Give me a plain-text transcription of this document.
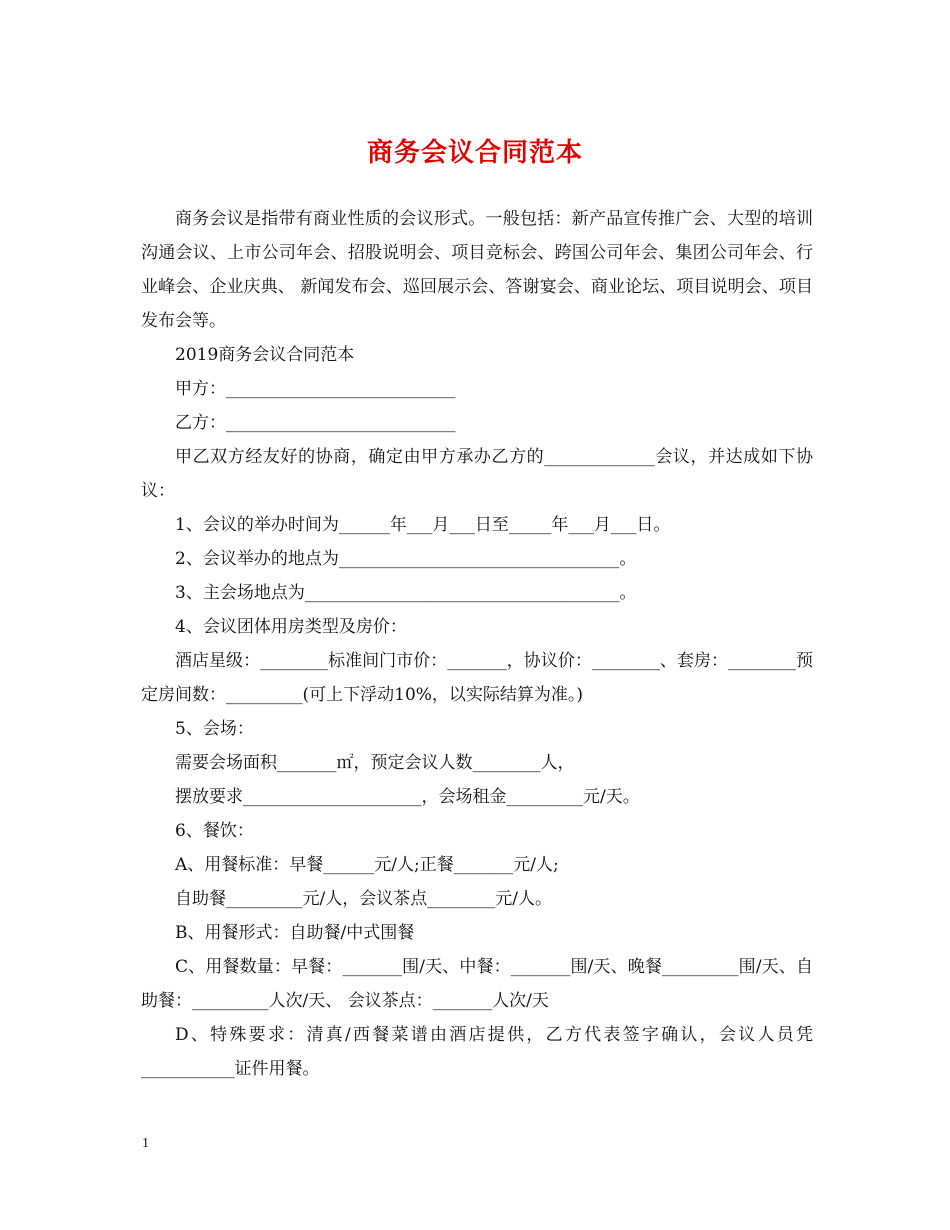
商务会议合同范本

商务会议是指带有商业性质的会议形式。一般包括：新产品宣传推广会、大型的培训沟通会议、上市公司年会、招股说明会、项目竞标会、跨国公司年会、集团公司年会、行业峰会、企业庆典、 新闻发布会、巡回展示会、答谢宴会、商业论坛、项目说明会、项目发布会等。

2019商务会议合同范本

甲方：___________________________

乙方：___________________________

甲乙双方经友好的协商，确定由甲方承办乙方的_____________会议，并达成如下协议：

1、会议的举办时间为______年___月___日至_____年___月___日。

2、会议举办的地点为_________________________________。

3、主会场地点为_____________________________________。

4、会议团体用房类型及房价：

酒店星级：________标准间门市价：_______，协议价：________、套房：________预定房间数：_________(可上下浮动10%，以实际结算为准。)

5、会场：

需要会场面积_______㎡，预定会议人数________人，

摆放要求_____________________，会场租金_________元/天。

6、餐饮：

A、用餐标准：早餐______元/人;正餐_______元/人;

自助餐_________元/人，会议茶点________元/人。

B、用餐形式：自助餐/中式围餐

C、用餐数量：早餐：_______围/天、中餐：_______围/天、晚餐_________围/天、自助餐：_________人次/天、 会议茶点：_______人次/天

D、特殊要求：清真/西餐菜谱由酒店提供，乙方代表签字确认，会议人员凭___________证件用餐。

1
